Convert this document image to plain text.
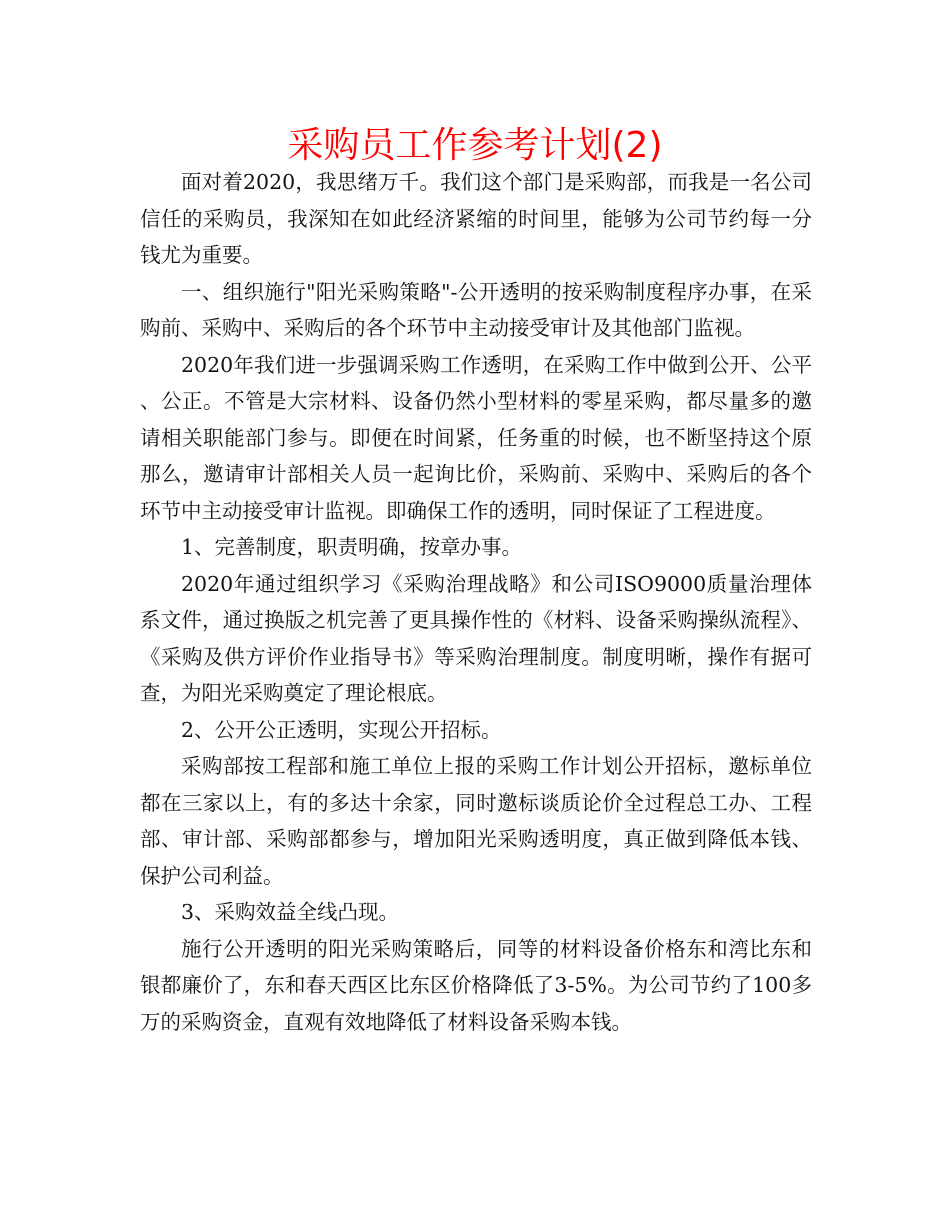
采购员工作参考计划(2)

面对着2020，我思绪万千。我们这个部门是采购部，而我是一名公司信任的采购员，我深知在如此经济紧缩的时间里，能够为公司节约每一分钱尤为重要。

一、组织施行"阳光采购策略"-公开透明的按采购制度程序办事，在采购前、采购中、采购后的各个环节中主动接受审计及其他部门监视。

2020年我们进一步强调采购工作透明，在采购工作中做到公开、公平、公正。不管是大宗材料、设备仍然小型材料的零星采购，都尽量多的邀请相关职能部门参与。即便在时间紧，任务重的时候，也不断坚持这个原那么，邀请审计部相关人员一起询比价，采购前、采购中、采购后的各个环节中主动接受审计监视。即确保工作的透明，同时保证了工程进度。

1、完善制度，职责明确，按章办事。

2020年通过组织学习《采购治理战略》和公司ISO9000质量治理体系文件，通过换版之机完善了更具操作性的《材料、设备采购操纵流程》、《采购及供方评价作业指导书》等采购治理制度。制度明晰，操作有据可查，为阳光采购奠定了理论根底。

2、公开公正透明，实现公开招标。

采购部按工程部和施工单位上报的采购工作计划公开招标，邀标单位都在三家以上，有的多达十余家，同时邀标谈质论价全过程总工办、工程部、审计部、采购部都参与，增加阳光采购透明度，真正做到降低本钱、保护公司利益。

3、采购效益全线凸现。

施行公开透明的阳光采购策略后，同等的材料设备价格东和湾比东和银都廉价了，东和春天西区比东区价格降低了3-5%。为公司节约了100多万的采购资金，直观有效地降低了材料设备采购本钱。
